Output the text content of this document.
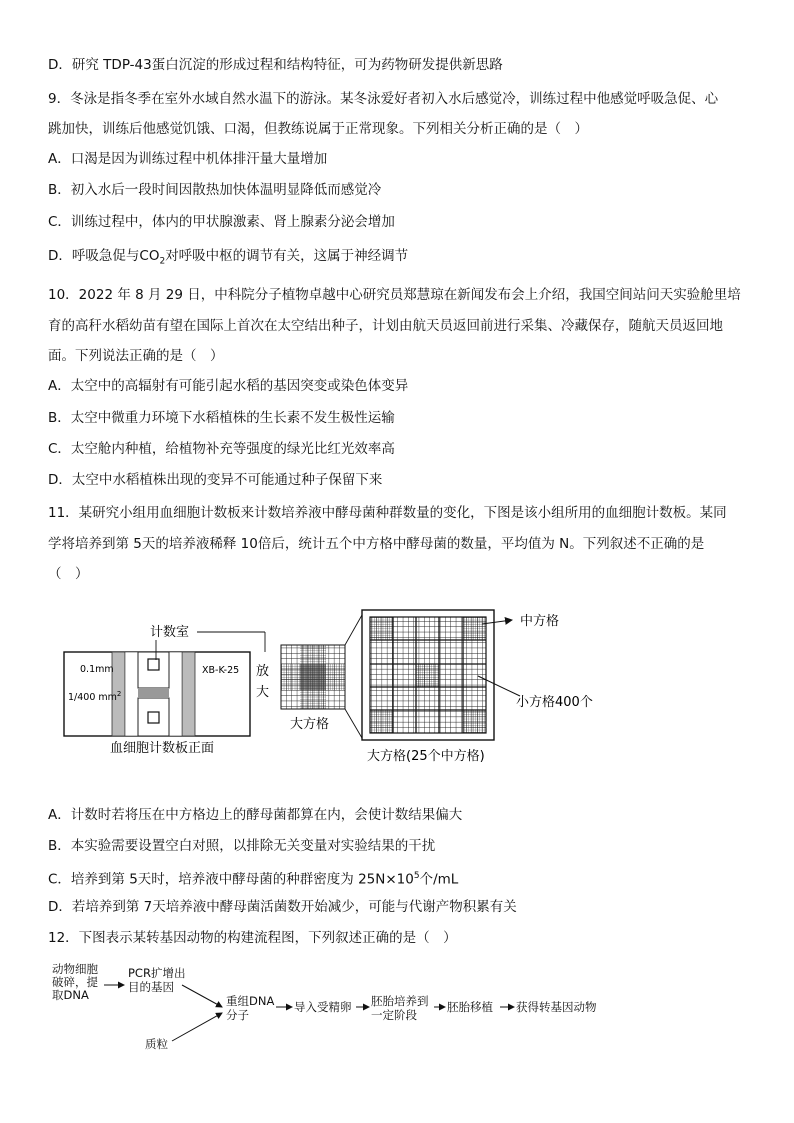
D．研究 TDP-43蛋白沉淀的形成过程和结构特征，可为药物研发提供新思路
9．冬泳是指冬季在室外水域自然水温下的游泳。某冬泳爱好者初入水后感觉冷，训练过程中他感觉呼吸急促、心
跳加快，训练后他感觉饥饿、口渴，但教练说属于正常现象。下列相关分析正确的是（　）
A．口渴是因为训练过程中机体排汗量大量增加
B．初入水后一段时间因散热加快体温明显降低而感觉冷
C．训练过程中，体内的甲状腺激素、肾上腺素分泌会增加
D．呼吸急促与$CO_2$对呼吸中枢的调节有关，这属于神经调节
10．2022 年 8 月 29 日，中科院分子植物卓越中心研究员郑慧琼在新闻发布会上介绍，我国空间站问天实验舱里培
育的高秆水稻幼苗有望在国际上首次在太空结出种子，计划由航天员返回前进行采集、冷藏保存，随航天员返回地
面。下列说法正确的是（　）
A．太空中的高辐射有可能引起水稻的基因突变或染色体变异
B．太空中微重力环境下水稻植株的生长素不发生极性运输
C．太空舱内种植，给植物补充等强度的绿光比红光效率高
D．太空中水稻植株出现的变异不可能通过种子保留下来
11．某研究小组用血细胞计数板来计数培养液中酵母菌种群数量的变化，下图是该小组所用的血细胞计数板。某同
学将培养到第 5天的培养液稀释 10倍后，统计五个中方格中酵母菌的数量，平均值为 N。下列叙述不正确的是
（　）
0.1mm
1/400 $mm^2$
XB-K-25
计数室
血细胞计数板正面
放
大
大方格
中方格
小方格400个
大方格(25个中方格)
A．计数时若将压在中方格边上的酵母菌都算在内，会使计数结果偏大
B．本实验需要设置空白对照，以排除无关变量对实验结果的干扰
C．培养到第 5天时，培养液中酵母菌的种群密度为 $25N\times 10^5$个/mL
D．若培养到第 7天培养液中酵母菌活菌数开始减少，可能与代谢产物积累有关
12．下图表示某转基因动物的构建流程图，下列叙述正确的是（　）
动物细胞
破碎，提
取DNA
PCR扩增出
目的基因
质粒
重组DNA
分子
导入受精卵 胚胎培养到
一定阶段
胚胎移植 获得转基因动物
